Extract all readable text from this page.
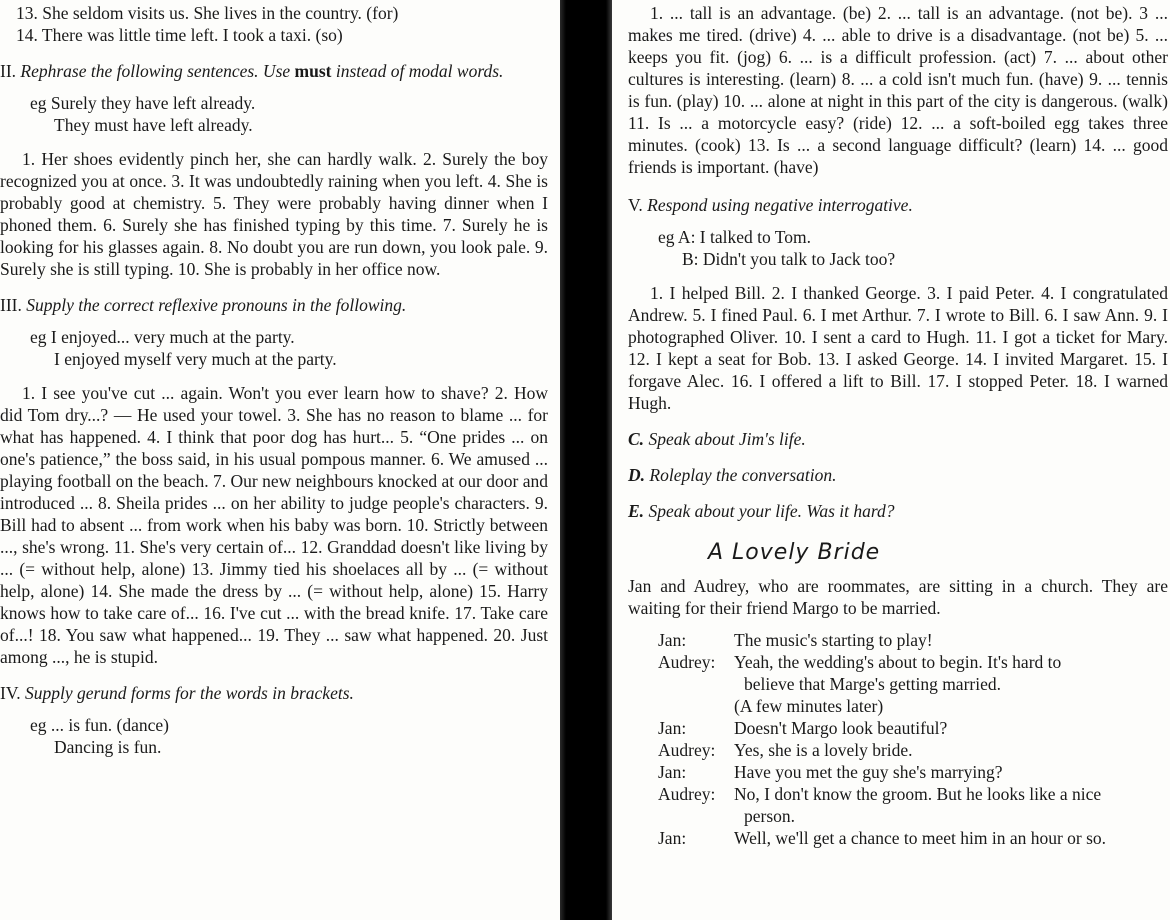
13. She seldom visits us. She lives in the country. (for)

14. There was little time left. I took a taxi. (so)

II. Rephrase the following sentences. Use must instead of modal words.

eg Surely they have left already.
They must have left already.

1. Her shoes evidently pinch her, she can hardly walk. 2. Surely the boy recognized you at once. 3. It was undoubtedly raining when you left. 4. She is probably good at chemistry. 5. They were probably having dinner when I phoned them. 6. Surely she has finished typing by this time. 7. Surely he is looking for his glasses again. 8. No doubt you are run down, you look pale. 9. Surely she is still typing. 10. She is probably in her office now.

III. Supply the correct reflexive pronouns in the following.

eg I enjoyed... very much at the party.
I enjoyed myself very much at the party.

1. I see you've cut ... again. Won't you ever learn how to shave? 2. How did Tom dry...? — He used your towel. 3. She has no reason to blame ... for what has happened. 4. I think that poor dog has hurt... 5. “One prides ... on one's patience,” the boss said, in his usual pompous manner. 6. We amused ... playing football on the beach. 7. Our new neighbours knocked at our door and introduced ... 8. Sheila prides ... on her ability to judge people's characters. 9. Bill had to absent ... from work when his baby was born. 10. Strictly between ..., she's wrong. 11. She's very certain of... 12. Granddad doesn't like living by ... (= without help, alone) 13. Jimmy tied his shoelaces all by ... (= without help, alone) 14. She made the dress by ... (= without help, alone) 15. Harry knows how to take care of... 16. I've cut ... with the bread knife. 17. Take care of...! 18. You saw what happened... 19. They ... saw what happened. 20. Just among ..., he is stupid.

IV. Supply gerund forms for the words in brackets.

eg ... is fun. (dance)
Dancing is fun.

1. ... tall is an advantage. (be) 2. ... tall is an advantage. (not be). 3 ... makes me tired. (drive) 4. ... able to drive is a disadvantage. (not be) 5. ... keeps you fit. (jog) 6. ... is a difficult profession. (act) 7. ... about other cultures is interesting. (learn) 8. ... a cold isn't much fun. (have) 9. ... tennis is fun. (play) 10. ... alone at night in this part of the city is dangerous. (walk) 11. Is ... a motorcycle easy? (ride) 12. ... a soft-boiled egg takes three minutes. (cook) 13. Is ... a second language difficult? (learn) 14. ... good friends is important. (have)

V. Respond using negative interrogative.

eg A: I talked to Tom.
B: Didn't you talk to Jack too?

1. I helped Bill. 2. I thanked George. 3. I paid Peter. 4. I congratulated Andrew. 5. I fined Paul. 6. I met Arthur. 7. I wrote to Bill. 6. I saw Ann. 9. I photographed Oliver. 10. I sent a card to Hugh. 11. I got a ticket for Mary. 12. I kept a seat for Bob. 13. I asked George. 14. I invited Margaret. 15. I forgave Alec. 16. I offered a lift to Bill. 17. I stopped Peter. 18. I warned Hugh.

C. Speak about Jim's life.

D. Roleplay the conversation.

E. Speak about your life. Was it hard?

A Lovely Bride

Jan and Audrey, who are roommates, are sitting in a church. They are waiting for their friend Margo to be married.

Jan:	The music's starting to play!
Audrey:	Yeah, the wedding's about to begin. It's hard to
believe that Marge's getting married.
(A few minutes later)
Jan:	Doesn't Margo look beautiful?
Audrey:	Yes, she is a lovely bride.
Jan:	Have you met the guy she's marrying?
Audrey:	No, I don't know the groom. But he looks like a nice
person.
Jan:	Well, we'll get a chance to meet him in an hour or so.
